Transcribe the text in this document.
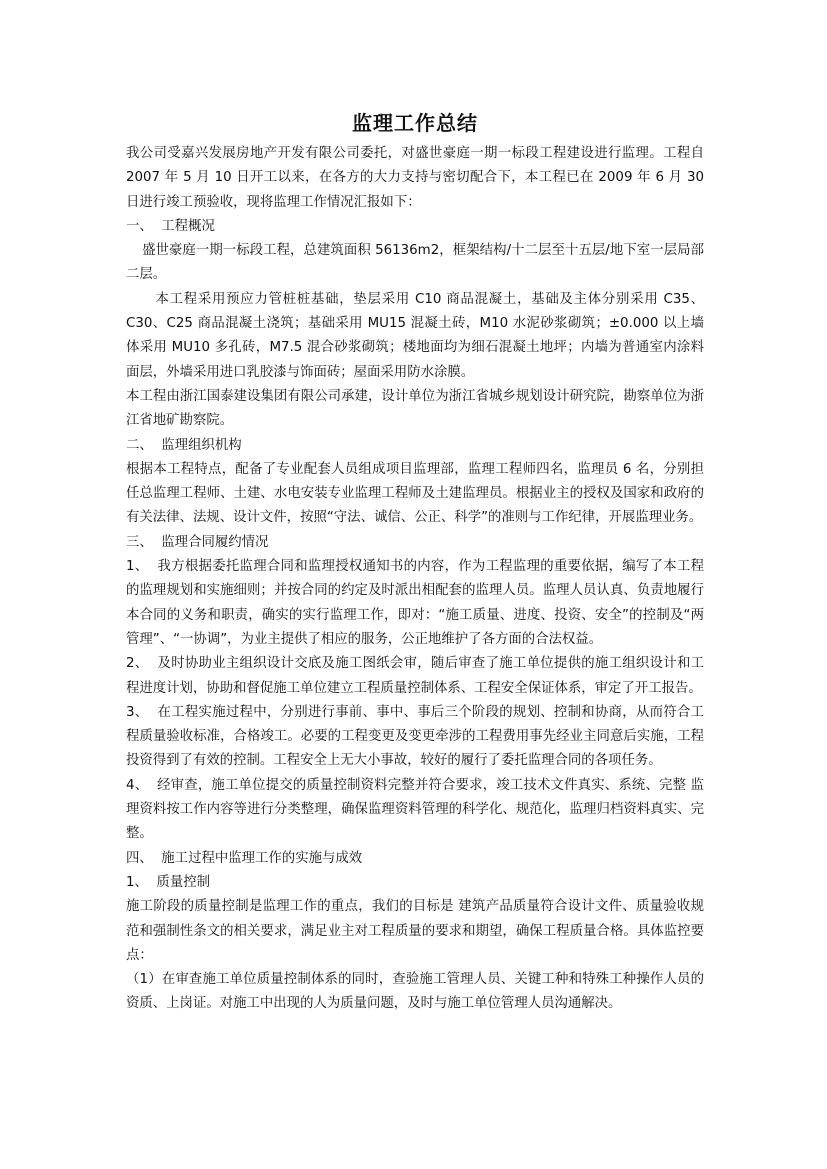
监理工作总结

我公司受嘉兴发展房地产开发有限公司委托，对盛世豪庭一期一标段工程建设进行监理。工程自 2007 年 5 月 10 日开工以来，在各方的大力支持与密切配合下，本工程已在 2009 年 6 月 30 日进行竣工预验收，现将监理工作情况汇报如下：

一、  工程概况

盛世豪庭一期一标段工程，总建筑面积 56136m2，框架结构/十二层至十五层/地下室一层局部二层。

本工程采用预应力管桩桩基础，垫层采用 C10 商品混凝土，基础及主体分别采用 C35、C30、C25 商品混凝土浇筑；基础采用 MU15 混凝土砖，M10 水泥砂浆砌筑；±0.000 以上墙体采用 MU10 多孔砖，M7.5 混合砂浆砌筑；楼地面均为细石混凝土地坪；内墙为普通室内涂料面层，外墙采用进口乳胶漆与饰面砖；屋面采用防水涂膜。

本工程由浙江国泰建设集团有限公司承建，设计单位为浙江省城乡规划设计研究院，勘察单位为浙江省地矿勘察院。

二、  监理组织机构

根据本工程特点，配备了专业配套人员组成项目监理部，监理工程师四名，监理员 6 名，分别担任总监理工程师、土建、水电安装专业监理工程师及土建监理员。根据业主的授权及国家和政府的有关法律、法规、设计文件，按照“守法、诚信、公正、科学”的准则与工作纪律，开展监理业务。

三、  监理合同履约情况

1、  我方根据委托监理合同和监理授权通知书的内容，作为工程监理的重要依据，编写了本工程的监理规划和实施细则；并按合同的约定及时派出相配套的监理人员。监理人员认真、负责地履行本合同的义务和职责，确实的实行监理工作，即对：“施工质量、进度、投资、安全”的控制及“两管理”、“一协调”，为业主提供了相应的服务，公正地维护了各方面的合法权益。

2、  及时协助业主组织设计交底及施工图纸会审，随后审查了施工单位提供的施工组织设计和工程进度计划，协助和督促施工单位建立工程质量控制体系、工程安全保证体系，审定了开工报告。

3、  在工程实施过程中，分别进行事前、事中、事后三个阶段的规划、控制和协商，从而符合工程质量验收标准，合格竣工。必要的工程变更及变更牵涉的工程费用事先经业主同意后实施，工程投资得到了有效的控制。工程安全上无大小事故，较好的履行了委托监理合同的各项任务。

4、  经审查，施工单位提交的质量控制资料完整并符合要求，竣工技术文件真实、系统、完整 监理资料按工作内容等进行分类整理，确保监理资料管理的科学化、规范化，监理归档资料真实、完整。

四、  施工过程中监理工作的实施与成效

1、  质量控制

施工阶段的质量控制是监理工作的重点，我们的目标是 建筑产品质量符合设计文件、质量验收规范和强制性条文的相关要求，满足业主对工程质量的要求和期望，确保工程质量合格。具体监控要点：

（1）在审查施工单位质量控制体系的同时，查验施工管理人员、关键工种和特殊工种操作人员的资质、上岗证。对施工中出现的人为质量问题，及时与施工单位管理人员沟通解决。
